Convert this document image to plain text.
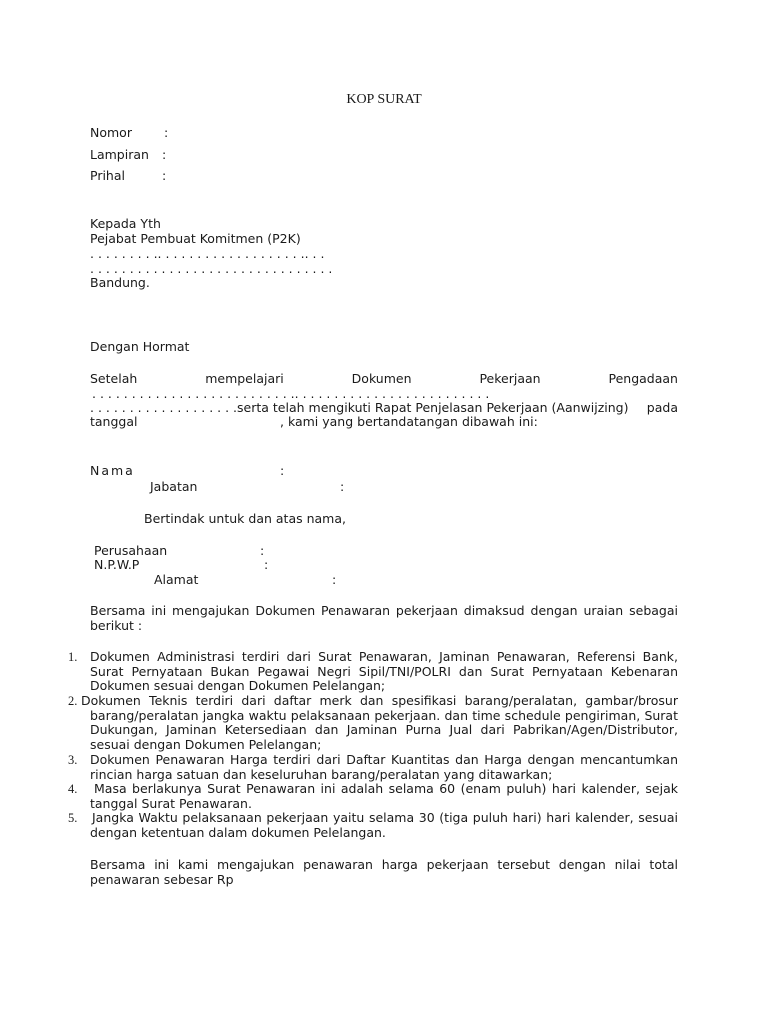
KOP SURAT
Nomor	:
Lampiran :
Prihal	:
Kepada Yth
Pejabat Pembuat Komitmen (P2K)
. . . . . . . . .. . . . . . . . . . . . . . . . . . .. . .
. . . . . . . . . . . . . . . . . . . . . . . . . . . . . . .
Bandung.
Dengan Hormat
Setelah	mempelajari	Dokumen	Pekerjaan	Pengadaan
. . . . . . . . . . . . . . . . . . . . . . . . . .. . . . . . . . . . . . . . . . . . . . . . . . .
. . . . . . . . . . . . . . . . . . .serta telah mengikuti Rapat Penjelasan Pekerjaan (Aanwijzing) pada
tanggal	, kami yang bertandatangan dibawah ini:
Nama	:
Jabatan	:
Bertindak untuk dan atas nama,
Perusahaan	:
N.P.W.P	:
Alamat	:
Bersama ini mengajukan Dokumen Penawaran pekerjaan dimaksud dengan uraian sebagai berikut :
1. Dokumen Administrasi terdiri dari Surat Penawaran, Jaminan Penawaran, Referensi Bank, Surat Pernyataan Bukan Pegawai Negri Sipil/TNI/POLRI dan Surat Pernyataan Kebenaran Dokumen sesuai dengan Dokumen Pelelangan;
2. Dokumen Teknis terdiri dari daftar merk dan spesifikasi barang/peralatan, gambar/brosur barang/peralatan jangka waktu pelaksanaan pekerjaan. dan time schedule pengiriman, Surat Dukungan, Jaminan Ketersediaan dan Jaminan Purna Jual dari Pabrikan/Agen/Distributor, sesuai dengan Dokumen Pelelangan;
3. Dokumen Penawaran Harga terdiri dari Daftar Kuantitas dan Harga dengan mencantumkan rincian harga satuan dan keseluruhan barang/peralatan yang ditawarkan;
4.	Masa berlakunya Surat Penawaran ini adalah selama 60 (enam puluh) hari kalender, sejak tanggal Surat Penawaran.
5. Jangka Waktu pelaksanaan pekerjaan yaitu selama 30 (tiga puluh hari) hari kalender, sesuai dengan ketentuan dalam dokumen Pelelangan.
Bersama ini kami mengajukan penawaran harga pekerjaan tersebut dengan nilai total penawaran sebesar Rp
